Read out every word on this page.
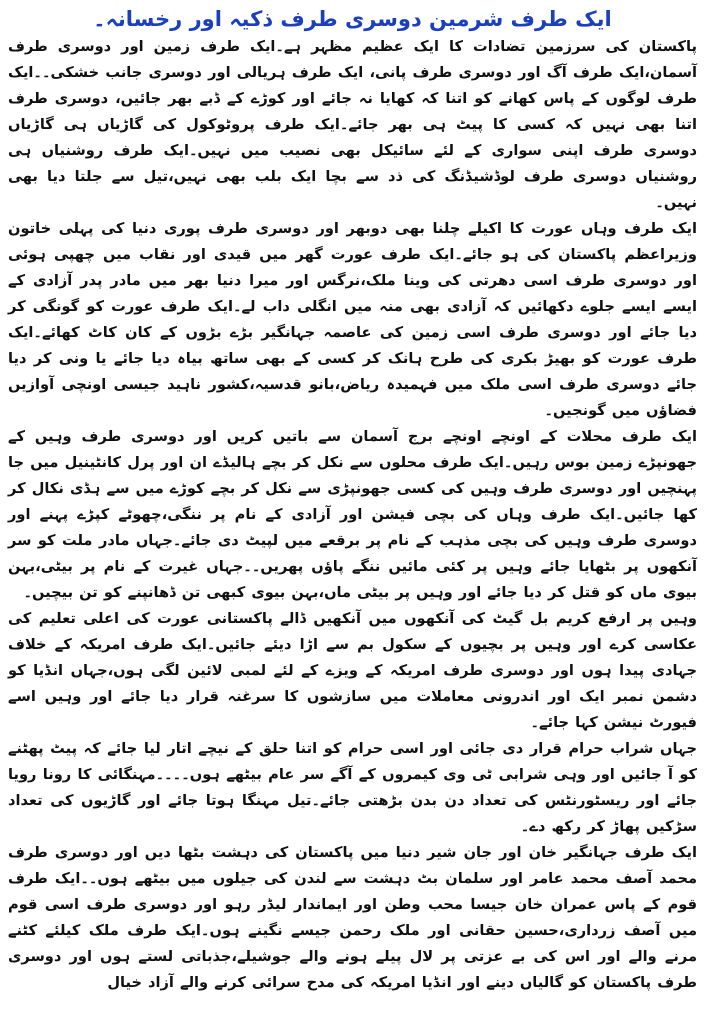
ایک طرف شرمین دوسری طرف ذکیہ اور رخسانہ۔

پاکستان کی سرزمین تضادات کا ایک عظیم مظہر ہے۔ایک طرف زمین اور دوسری طرف آسمان،ایک طرف آگ اور دوسری طرف پانی، ایک طرف ہریالی اور دوسری جانب خشکی۔۔ایک طرف لوگوں کے پاس کھانے کو اتنا کہ کھایا نہ جائے اور کوڑے کے ڈبے بھر جائیں، دوسری طرف اتنا بھی نہیں کہ کسی کا پیٹ ہی بھر جائے۔ایک طرف پروٹوکول کی گاڑیاں ہی گاڑیاں دوسری طرف اپنی سواری کے لئے سائیکل بھی نصیب میں نہیں۔ایک طرف روشنیاں ہی روشنیاں دوسری طرف لوڈشیڈنگ کی ذد سے بچا ایک بلب بھی نہیں،تیل سے جلتا دیا بھی نہیں۔

ایک طرف وہاں عورت کا اکیلے چلنا بھی دوبھر اور دوسری طرف پوری دنیا کی پہلی خاتون وزیراعظم پاکستان کی ہو جائے۔ایک طرف عورت گھر میں قیدی اور نقاب میں چھپی ہوئی اور دوسری طرف اسی دھرتی کی وینا ملک،نرگس اور میرا دنیا بھر میں مادر پدر آزادی کے ایسے ایسے جلوے دکھائیں کہ آزادی بھی منہ میں انگلی داب لے۔ایک طرف عورت کو گونگی کر دیا جائے اور دوسری طرف اسی زمین کی عاصمہ جہانگیر بڑے بڑوں کے کان کاٹ کھائے۔ایک طرف عورت کو بھیڑ بکری کی طرح ہانک کر کسی کے بھی ساتھ بیاہ دیا جائے یا ونی کر دیا جائے دوسری طرف اسی ملک میں فہمیدہ ریاض،بانو قدسیہ،کشور ناہید جیسی اونچی آوازیں فضاؤں میں گونجیں۔

ایک طرف محلات کے اونچے اونچے برج آسمان سے باتیں کریں اور دوسری طرف وہیں کے جھونپڑے زمین بوس رہیں۔ایک طرف محلوں سے نکل کر بچے ہالیڈے ان اور پرل کانٹینیل میں جا پہنچیں اور دوسری طرف وہیں کی کسی جھونپڑی سے نکل کر بچے کوڑے میں سے ہڈی نکال کر کھا جائیں۔ایک طرف وہاں کی بچی فیشن اور آزادی کے نام پر ننگی،چھوٹے کپڑے پہنے اور دوسری طرف وہیں کی بچی مذہب کے نام پر برقعے میں لپیٹ دی جائے۔جہاں مادر ملت کو سر آنکھوں پر بٹھایا جائے وہیں پر کئی مائیں ننگے پاؤں پھریں۔۔جہاں غیرت کے نام پر بیٹی،بہن بیوی ماں کو قتل کر دیا جائے اور وہیں پر بیٹی ماں،بہن بیوی کبھی تن ڈھانپنے کو تن بیچیں۔

وہیں پر ارفع کریم بل گیٹ کی آنکھوں میں آنکھیں ڈالے پاکستانی عورت کی اعلی تعلیم کی عکاسی کرے اور وہیں پر بچیوں کے سکول بم سے اڑا دیئے جائیں۔ایک طرف امریکہ کے خلاف جہادی پیدا ہوں اور دوسری طرف امریکہ کے ویزے کے لئے لمبی لائین لگی ہوں،جہاں انڈیا کو دشمن نمبر ایک اور اندرونی معاملات میں سازشوں کا سرغنہ قرار دیا جائے اور وہیں اسے فیورٹ نیشن کہا جائے۔

جہاں شراب حرام قرار دی جائی اور اسی حرام کو اتنا حلق کے نیچے اتار لیا جائے کہ پیٹ پھٹنے کو آ جائیں اور وہی شرابی ٹی وی کیمروں کے آگے سر عام بیٹھے ہوں۔۔۔۔مہنگائی کا رونا رویا جائے اور ریسٹورنٹس کی تعداد دن بدن بڑھتی جائے۔تیل مہنگا ہوتا جائے اور گاڑیوں کی تعداد سڑکیں پھاڑ کر رکھ دے۔

ایک طرف جہانگیر خان اور جان شیر دنیا میں پاکستان کی دہشت بٹھا دیں اور دوسری طرف محمد آصف محمد عامر اور سلمان بٹ دہشت سے لندن کی جیلوں میں بیٹھے ہوں۔۔ایک طرف قوم کے پاس عمران خان جیسا محب وطن اور ایماندار لیڈر رہو اور دوسری طرف اسی قوم میں آصف زرداری،حسین حقانی اور ملک رحمن جیسے نگینے ہوں۔ایک طرف ملک کیلئے کٹنے مرنے والے اور اس کی بے عزتی پر لال پیلے ہونے والے جوشیلے،جذباتی لستے ہوں اور دوسری طرف پاکستان کو گالیاں دینے اور انڈیا امریکہ کی مدح سرائی کرنے والے آزاد خیال
